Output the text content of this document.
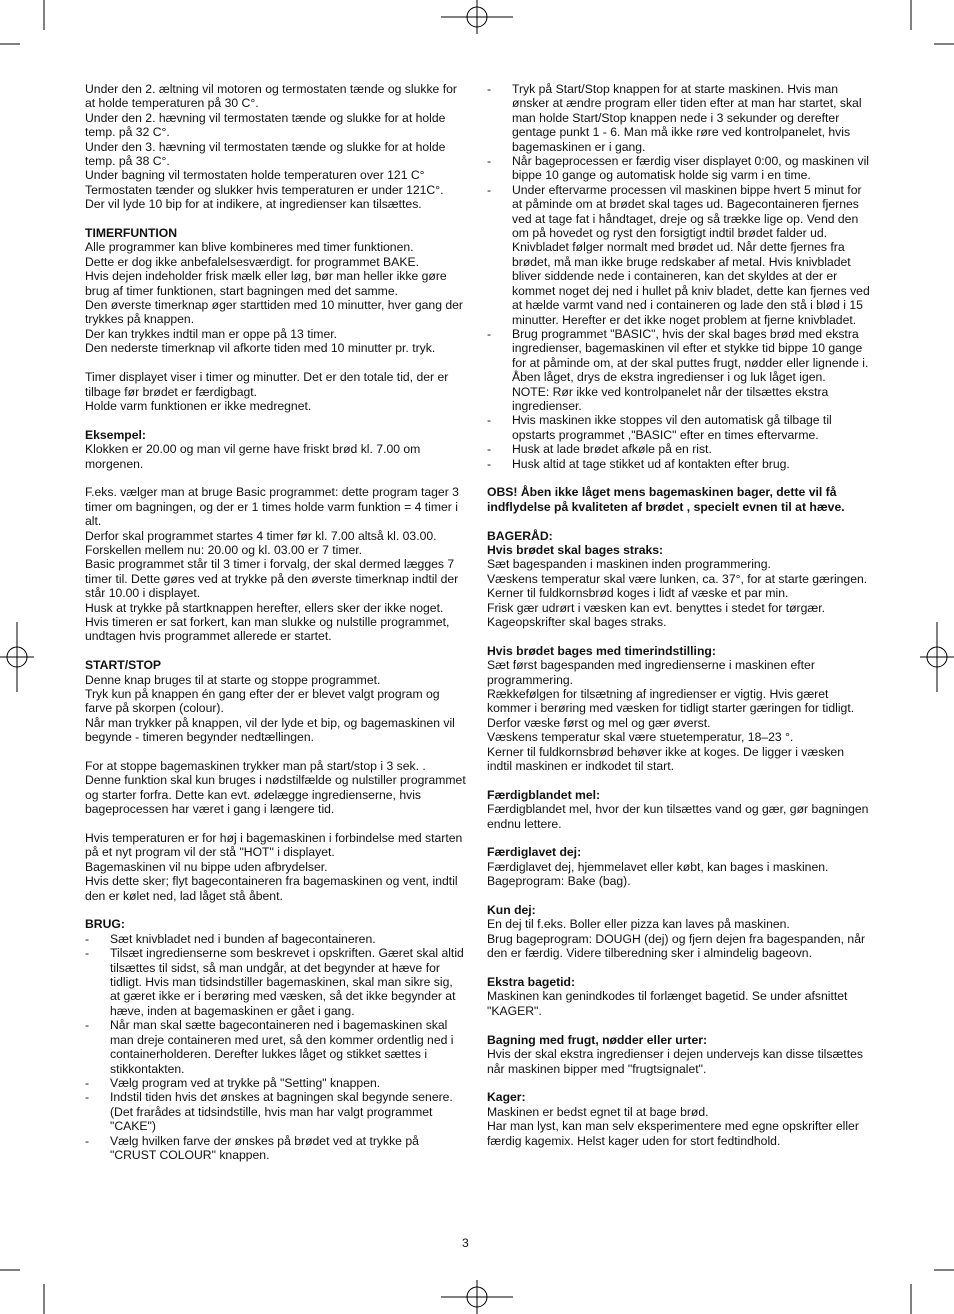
Under den 2. æltning vil motoren og termostaten tænde og slukke for at holde temperaturen på 30 C°.
Under den 2. hævning vil termostaten tænde og slukke for at holde temp. på 32 C°.
Under den 3. hævning vil termostaten tænde og slukke for at holde temp. på 38 C°.
Under bagning vil termostaten holde temperaturen over 121 C°
Termostaten tænder og slukker hvis temperaturen er under 121C°.
Der vil lyde 10 bip for at indikere, at ingredienser kan tilsættes.

TIMERFUNTION

Alle programmer kan blive kombineres med timer funktionen.
Dette er dog ikke anbefalelsesværdigt. for programmet BAKE.
Hvis dejen indeholder frisk mælk eller løg, bør man heller ikke gøre brug af timer funktionen, start bagningen med det samme.
Den øverste timerknap øger starttiden med 10 minutter, hver gang der trykkes på knappen.
Der kan trykkes indtil man er oppe på 13 timer.
Den nederste timerknap vil afkorte tiden med 10 minutter pr. tryk.

Timer displayet viser i timer og minutter. Det er den totale tid, der er tilbage før brødet er færdigbagt.
Holde varm funktionen er ikke medregnet.

Eksempel:

Klokken er 20.00 og man vil gerne have friskt brød kl. 7.00 om morgenen.

F.eks. vælger man at bruge Basic programmet: dette program tager 3 timer om bagningen, og der er 1 times holde varm funktion = 4 timer i alt.
Derfor skal programmet startes 4 timer før kl. 7.00 altså kl. 03.00.
Forskellen mellem nu: 20.00 og kl. 03.00 er 7 timer.
Basic programmet står til 3 timer i forvalg, der skal dermed lægges 7 timer til. Dette gøres ved at trykke på den øverste timerknap indtil der står 10.00 i displayet.
Husk at trykke på startknappen herefter, ellers sker der ikke noget.
Hvis timeren er sat forkert, kan man slukke og nulstille programmet, undtagen hvis programmet allerede er startet.

START/STOP

Denne knap bruges til at starte og stoppe programmet.
Tryk kun på knappen én gang efter der er blevet valgt program og farve på skorpen (colour).
Når man trykker på knappen, vil der lyde et bip, og bagemaskinen vil begynde - timeren begynder nedtællingen.

For at stoppe bagemaskinen trykker man på start/stop i 3 sek. .
Denne funktion skal kun bruges i nødstilfælde og nulstiller programmet og starter forfra. Dette kan evt. ødelægge ingredienserne, hvis bageprocessen har været i gang i længere tid.

Hvis temperaturen er for høj i bagemaskinen i forbindelse med starten på et nyt program vil der stå "HOT" i displayet.
Bagemaskinen vil nu bippe uden afbrydelser.
Hvis dette sker; flyt bagecontaineren fra bagemaskinen og vent, indtil den er kølet ned, lad låget stå åbent.

BRUG:
- Sæt knivbladet ned i bunden af bagecontaineren.
- Tilsæt ingredienserne som beskrevet i opskriften. Gæret skal altid tilsættes til sidst, så man undgår, at det begynder at hæve for tidligt. Hvis man tidsindstiller bagemaskinen, skal man sikre sig, at gæret ikke er i berøring med væsken, så det ikke begynder at hæve, inden at bagemaskinen er gået i gang.
- Når man skal sætte bagecontaineren ned i bagemaskinen skal man dreje containeren med uret, så den kommer ordentlig ned i containerholderen. Derefter lukkes låget og stikket sættes i stikkontakten.
- Vælg program ved at trykke på "Setting" knappen.
- Indstil tiden hvis det ønskes at bagningen skal begynde senere. (Det frarådes at tidsindstille, hvis man har valgt programmet "CAKE")
- Vælg hvilken farve der ønskes på brødet ved at trykke på "CRUST COLOUR" knappen.
- Tryk på Start/Stop knappen for at starte maskinen. Hvis man ønsker at ændre program eller tiden efter at man har startet, skal man holde Start/Stop knappen nede i 3 sekunder og derefter gentage punkt 1 - 6. Man må ikke røre ved kontrolpanelet, hvis bagemaskinen er i gang.
- Når bageprocessen er færdig viser displayet 0:00, og maskinen vil bippe 10 gange og automatisk holde sig varm i en time.
- Under eftervarme processen vil maskinen bippe hvert 5 minut for at påminde om at brødet skal tages ud. Bagecontaineren fjernes ved at tage fat i håndtaget, dreje og så trække lige op. Vend den om på hovedet og ryst den forsigtigt indtil brødet falder ud. Knivbladet følger normalt med brødet ud. Når dette fjernes fra brødet, må man ikke bruge redskaber af metal. Hvis knivbladet bliver siddende nede i containeren, kan det skyldes at der er kommet noget dej ned i hullet på kniv bladet, dette kan fjernes ved at hælde varmt vand ned i containeren og lade den stå i blød i 15 minutter. Herefter er det ikke noget problem at fjerne knivbladet.
- Brug programmet "BASIC", hvis der skal bages brød med ekstra ingredienser, bagemaskinen vil efter et stykke tid bippe 10 gange for at påminde om, at der skal puttes frugt, nødder eller lignende i. Åben låget, drys de ekstra ingredienser i og luk låget igen.
NOTE: Rør ikke ved kontrolpanelet når der tilsættes ekstra ingredienser.
- Hvis maskinen ikke stoppes vil den automatisk gå tilbage til opstarts programmet ,"BASIC" efter en times eftervarme.
- Husk at lade brødet afkøle på en rist.
- Husk altid at tage stikket ud af kontakten efter brug.

OBS! Åben ikke låget mens bagemaskinen bager, dette vil få indflydelse på kvaliteten af brødet , specielt evnen til at hæve.

BAGERÅD:
Hvis brødet skal bages straks:

Sæt bagespanden i maskinen inden programmering.
Væskens temperatur skal være lunken, ca. 37°, for at starte gæringen.
Kerner til fuldkornsbrød koges i lidt af væske et par min.
Frisk gær udrørt i væsken kan evt. benyttes i stedet for tørgær.
Kageopskrifter skal bages straks.

Hvis brødet bages med timerindstilling:

Sæt først bagespanden med ingredienserne i maskinen efter programmering.
Rækkefølgen for tilsætning af ingredienser er vigtig. Hvis gæret kommer i berøring med væsken for tidligt starter gæringen for tidligt. Derfor væske først og mel og gær øverst.
Væskens temperatur skal være stuetemperatur, 18–23 °.
Kerner til fuldkornsbrød behøver ikke at koges. De ligger i væsken indtil maskinen er indkodet til start.

Færdigblandet mel:

Færdigblandet mel, hvor der kun tilsættes vand og gær, gør bagningen endnu lettere.

Færdiglavet dej:

Færdiglavet dej, hjemmelavet eller købt, kan bages i maskinen.
Bageprogram: Bake (bag).

Kun dej:

En dej til f.eks. Boller eller pizza kan laves på maskinen.
Brug bageprogram: DOUGH (dej) og fjern dejen fra bagespanden, når den er færdig. Videre tilberedning sker i almindelig bageovn.

Ekstra bagetid:

Maskinen kan genindkodes til forlænget bagetid. Se under afsnittet "KAGER".

Bagning med frugt, nødder eller urter:

Hvis der skal ekstra ingredienser i dejen undervejs kan disse tilsættes når maskinen bipper med "frugtsignalet".

Kager:

Maskinen er bedst egnet til at bage brød.
Har man lyst, kan man selv eksperimentere med egne opskrifter eller færdig kagemix. Helst kager uden for stort fedtindhold.

3
